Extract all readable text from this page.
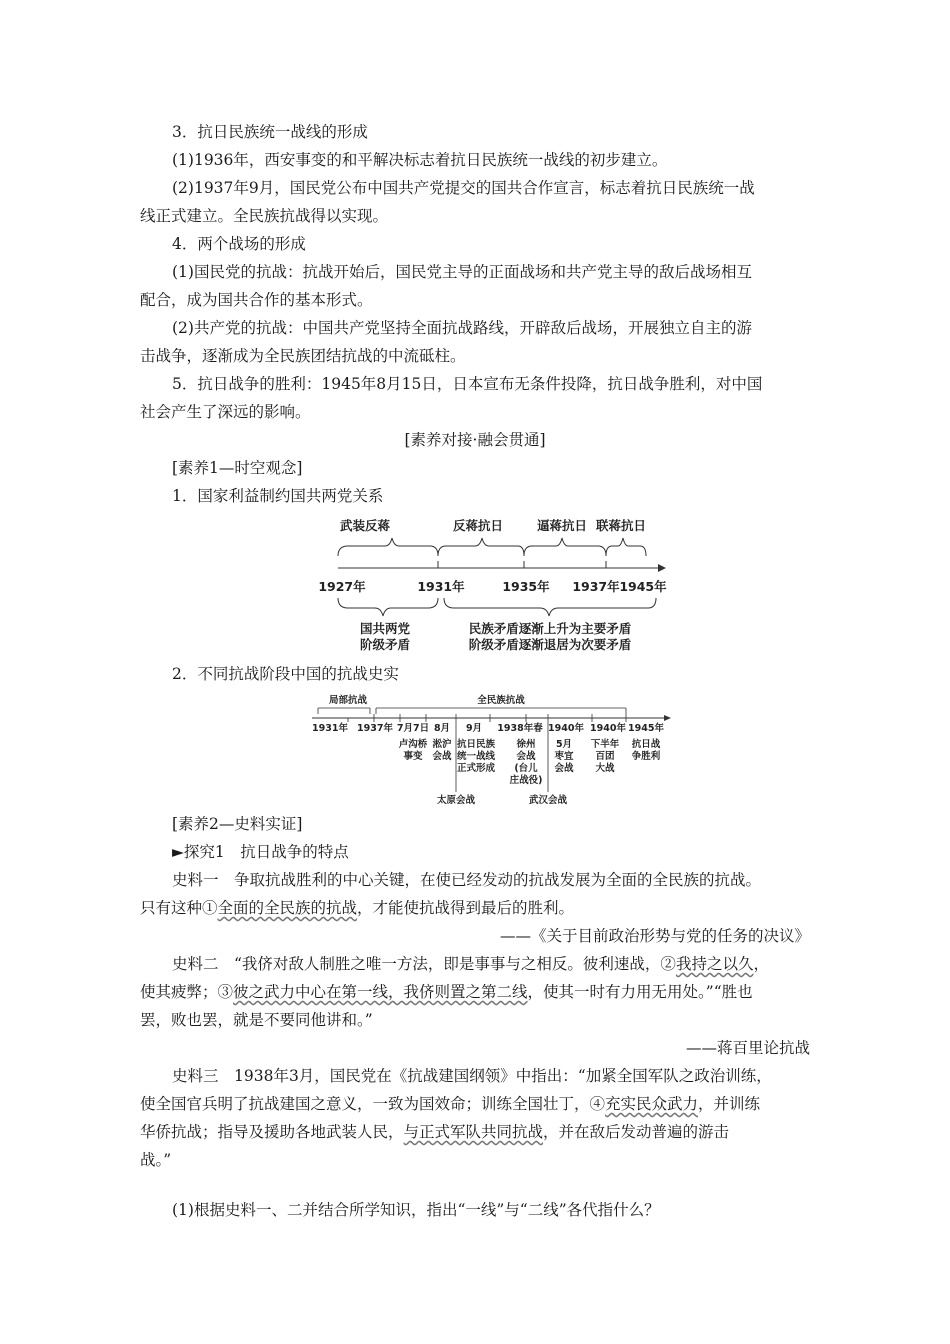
3．抗日民族统一战线的形成
(1)1936年，西安事变的和平解决标志着抗日民族统一战线的初步建立。
(2)1937年9月，国民党公布中国共产党提交的国共合作宣言，标志着抗日民族统一战
线正式建立。全民族抗战得以实现。
4．两个战场的形成
(1)国民党的抗战：抗战开始后，国民党主导的正面战场和共产党主导的敌后战场相互
配合，成为国共合作的基本形式。
(2)共产党的抗战：中国共产党坚持全面抗战路线，开辟敌后战场，开展独立自主的游
击战争，逐渐成为全民族团结抗战的中流砥柱。
5．抗日战争的胜利：1945年8月15日，日本宣布无条件投降，抗日战争胜利，对中国
社会产生了深远的影响。
[素养对接·融会贯通]
[素养1—时空观念]
1．国家利益制约国共两党关系
武装反蒋	反蒋抗日	逼蒋抗日 联蒋抗日
1927年	1931年	1935年 1937年 1945年
国共两党
阶级矛盾
民族矛盾逐渐上升为主要矛盾
阶级矛盾逐渐退居为次要矛盾
2．不同抗战阶段中国的抗战史实
局部抗战	全民族抗战
1931年 1937年 7月7日 8月 9月 1938年春 1940年 1940年 1945年
卢沟桥
事变
淞沪
会战
抗日民族
统一战线
正式形成
徐州
会战
(台儿
庄战役)
5月
枣宜
会战
下半年
百团
大战
抗日战
争胜利
太原会战	武汉会战
[素养2—史料实证]
►探究1　抗日战争的特点
史料一　争取抗战胜利的中心关键，在使已经发动的抗战发展为全面的全民族的抗战。
只有这种①全面的全民族的抗战，才能使抗战得到最后的胜利。
——《关于目前政治形势与党的任务的决议》
史料二　“我侪对敌人制胜之唯一方法，即是事事与之相反。彼利速战，②我持之以久，
使其疲弊；③彼之武力中心在第一线，我侪则置之第二线，使其一时有力用无用处。”“胜也
罢，败也罢，就是不要同他讲和。”
——蒋百里论抗战
史料三　1938年3月，国民党在《抗战建国纲领》中指出：“加紧全国军队之政治训练，
使全国官兵明了抗战建国之意义，一致为国效命；训练全国壮丁，④充实民众武力，并训练
华侨抗战；指导及援助各地武装人民，与正式军队共同抗战，并在敌后发动普遍的游击
战。”
(1)根据史料一、二并结合所学知识，指出“一线”与“二线”各代指什么？
